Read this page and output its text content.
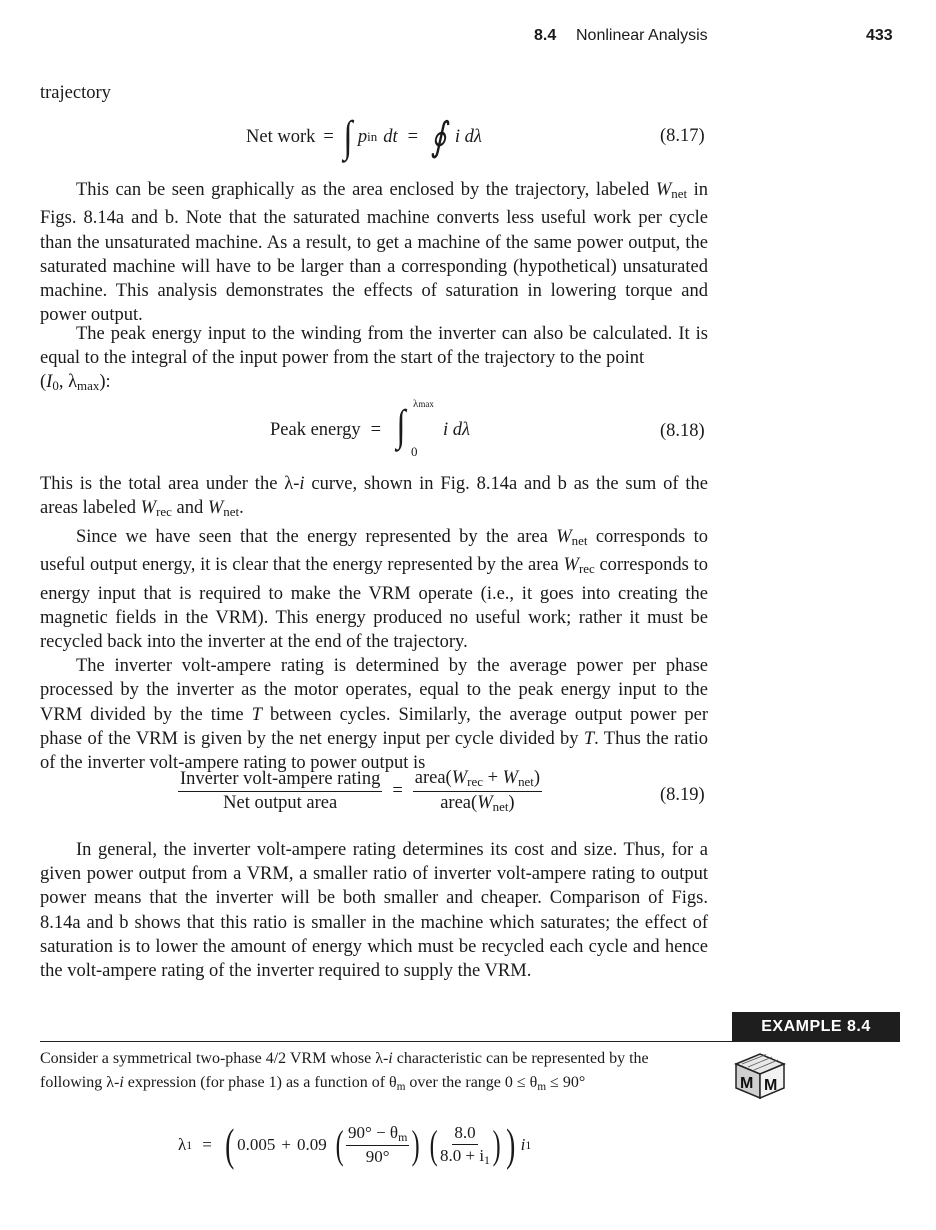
8.4 Nonlinear Analysis	433
trajectory
Net work = ∫ p in dt = ∮ i dλ	(8.17)

This can be seen graphically as the area enclosed by the trajectory, labeled $W_{net}$ in Figs. 8.14a and b. Note that the saturated machine converts less useful work per cycle than the unsaturated machine. As a result, to get a machine of the same power output, the saturated machine will have to be larger than a corresponding (hypothetical) unsaturated machine. This analysis demonstrates the effects of saturation in lowering torque and power output.

The peak energy input to the winding from the inverter can also be calculated. It is equal to the integral of the input power from the start of the trajectory to the point
($I_0$, $\lambda_{max}$):

Peak energy = ∫ λmax
0
i dλ	(8.18)

This is the total area under the λ-i curve, shown in Fig. 8.14a and b as the sum of the areas labeled $W_{rec}$ and $W_{net}$.

Since we have seen that the energy represented by the area $W_{net}$ corresponds to useful output energy, it is clear that the energy represented by the area $W_{rec}$ corresponds to energy input that is required to make the VRM operate (i.e., it goes into creating the magnetic fields in the VRM). This energy produced no useful work; rather it must be recycled back into the inverter at the end of the trajectory.

The inverter volt-ampere rating is determined by the average power per phase processed by the inverter as the motor operates, equal to the peak energy input to the VRM divided by the time T between cycles. Similarly, the average output power per phase of the VRM is given by the net energy input per cycle divided by T. Thus the ratio of the inverter volt-ampere rating to power output is

$\frac{\text{Inverter volt-ampere rating}}{\text{Net output area}} = \frac{area(W_{rec} + W_{net})}{area(W_{net})}$	(8.19)

In general, the inverter volt-ampere rating determines its cost and size. Thus, for a given power output from a VRM, a smaller ratio of inverter volt-ampere rating to output power means that the inverter will be both smaller and cheaper. Comparison of Figs. 8.14a and b shows that this ratio is smaller in the machine which saturates; the effect of saturation is to lower the amount of energy which must be recycled each cycle and hence the volt-ampere rating of the inverter required to supply the VRM.

EXAMPLE 8.4
Consider a symmetrical two-phase 4/2 VRM whose λ-i characteristic can be represented by the following λ-i expression (for phase 1) as a function of $\theta_m$ over the range $0 \le \theta_m \le 90^\circ$	M M
λ 1 = ( 0.005 + 0.09 ( $\frac{90^\circ - \theta_m}{90^\circ}$ ) ( $\frac{8.0}{8.0 + i_1}$ ) ) i 1
